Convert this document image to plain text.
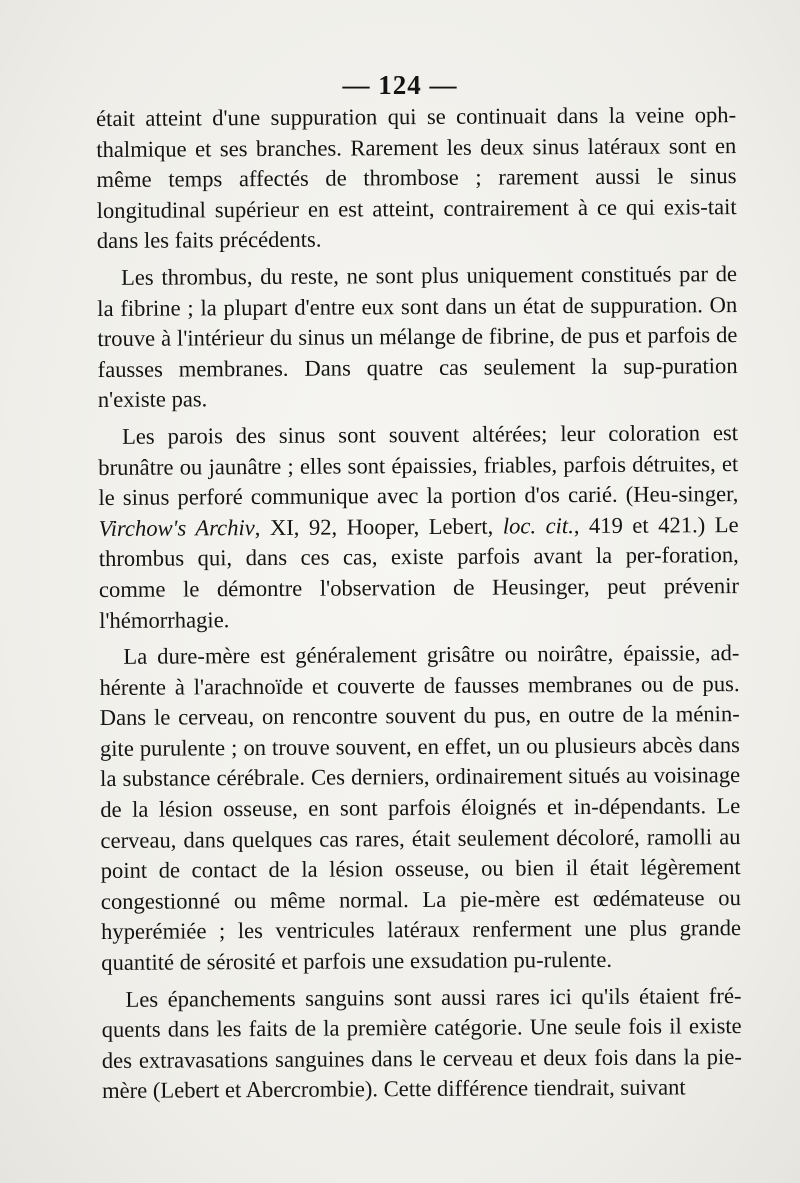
— 124 —

était atteint d'une suppuration qui se continuait dans la veine oph-thalmique et ses branches. Rarement les deux sinus latéraux sont en même temps affectés de thrombose ; rarement aussi le sinus longitudinal supérieur en est atteint, contrairement à ce qui exis-tait dans les faits précédents.

Les thrombus, du reste, ne sont plus uniquement constitués par de la fibrine ; la plupart d'entre eux sont dans un état de suppuration. On trouve à l'intérieur du sinus un mélange de fibrine, de pus et parfois de fausses membranes. Dans quatre cas seulement la sup-puration n'existe pas.

Les parois des sinus sont souvent altérées; leur coloration est brunâtre ou jaunâtre ; elles sont épaissies, friables, parfois détruites, et le sinus perforé communique avec la portion d'os carié. (Heu-singer, Virchow's Archiv, XI, 92, Hooper, Lebert, loc. cit., 419 et 421.) Le thrombus qui, dans ces cas, existe parfois avant la per-foration, comme le démontre l'observation de Heusinger, peut prévenir l'hémorrhagie.

La dure-mère est généralement grisâtre ou noirâtre, épaissie, ad-hérente à l'arachnoïde et couverte de fausses membranes ou de pus. Dans le cerveau, on rencontre souvent du pus, en outre de la ménin-gite purulente ; on trouve souvent, en effet, un ou plusieurs abcès dans la substance cérébrale. Ces derniers, ordinairement situés au voisinage de la lésion osseuse, en sont parfois éloignés et in-dépendants. Le cerveau, dans quelques cas rares, était seulement décoloré, ramolli au point de contact de la lésion osseuse, ou bien il était légèrement congestionné ou même normal. La pie-mère est œdémateuse ou hyperémiée ; les ventricules latéraux renferment une plus grande quantité de sérosité et parfois une exsudation pu-rulente.

Les épanchements sanguins sont aussi rares ici qu'ils étaient fré-quents dans les faits de la première catégorie. Une seule fois il existe des extravasations sanguines dans le cerveau et deux fois dans la pie-mère (Lebert et Abercrombie). Cette différence tiendrait, suivant
